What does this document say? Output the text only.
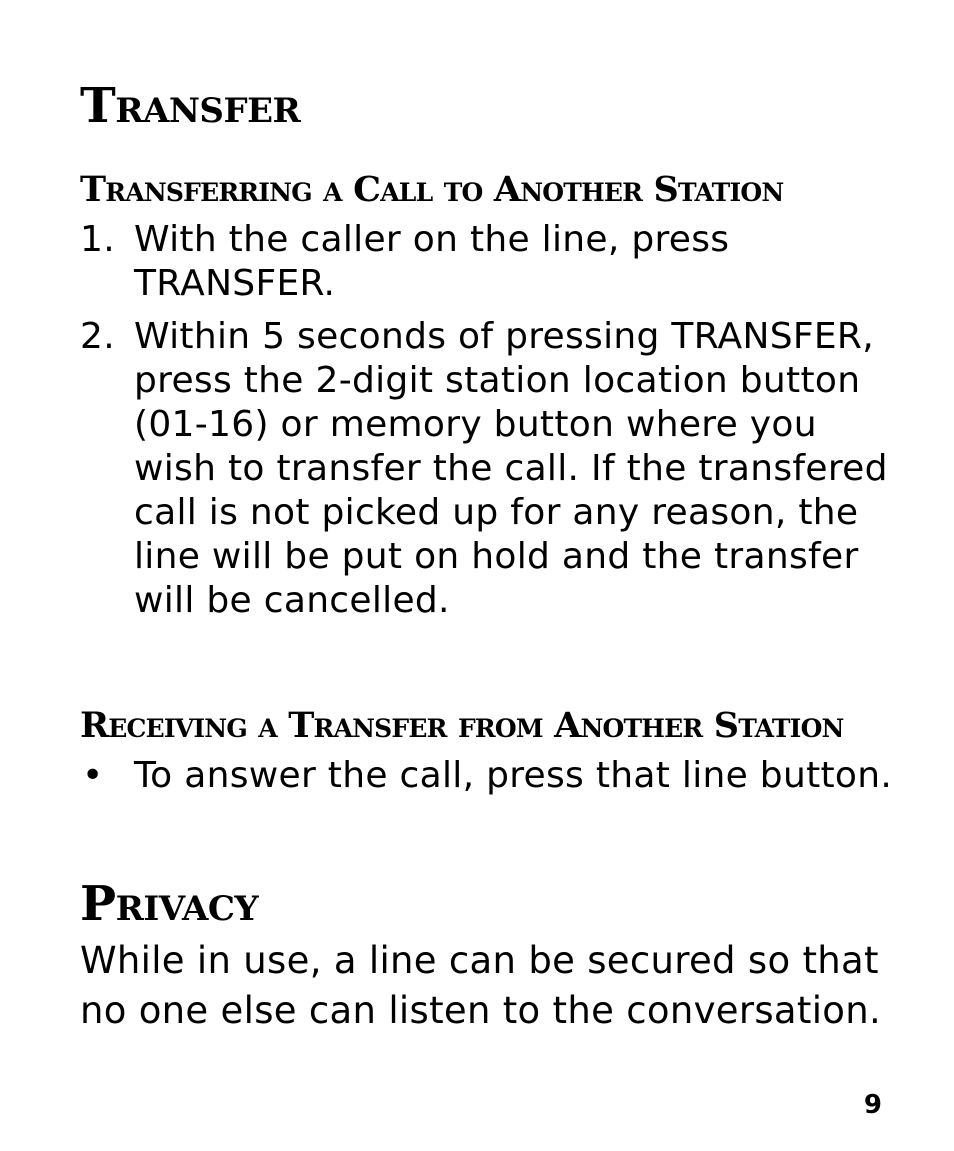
Transfer
Transferring a Call to Another Station
1. With the caller on the line, press TRANSFER.
2. Within 5 seconds of pressing TRANSFER, press the 2-digit station location button (01-16) or memory button where you wish to transfer the call. If the transfered call is not picked up for any reason, the line will be put on hold and the transfer will be cancelled.
Receiving a Transfer from Another Station
• To answer the call, press that line button.
Privacy

While in use, a line can be secured so that no one else can listen to the conversation.

9
